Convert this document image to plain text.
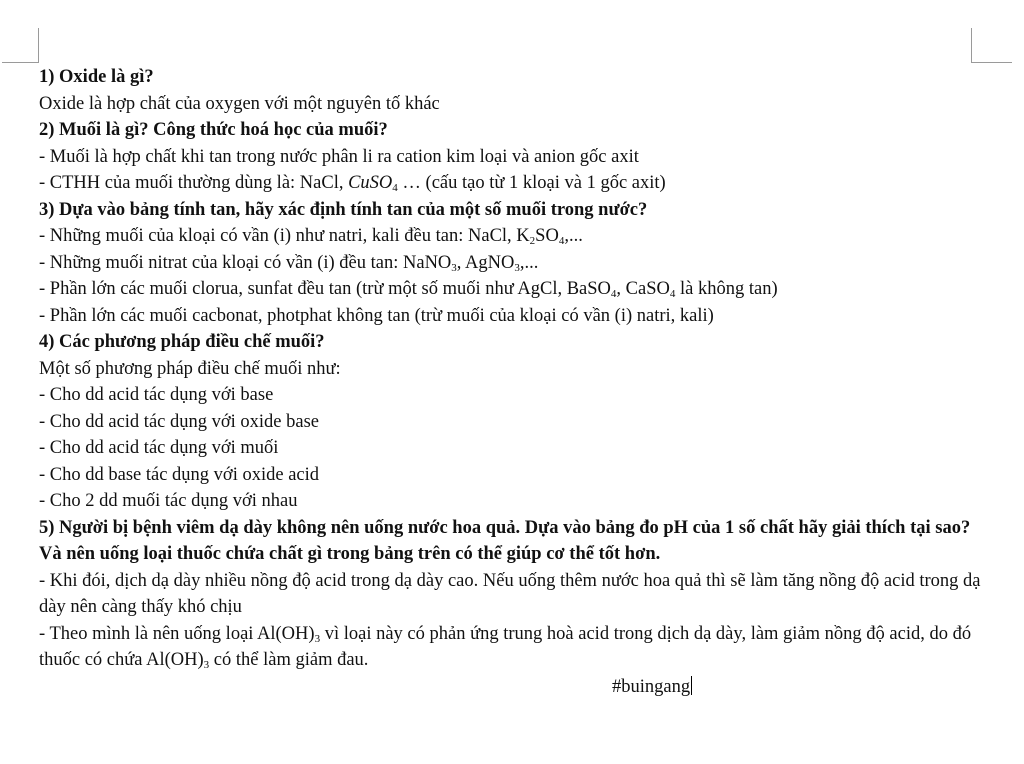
1) Oxide là gì?
Oxide là hợp chất của oxygen với một nguyên tố khác
2) Muối là gì? Công thức hoá học của muối?
- Muối là hợp chất khi tan trong nước phân li ra cation kim loại và anion gốc axit
- CTHH của muối thường dùng là: NaCl, CuSO$_4$ … (cấu tạo từ 1 kloại và 1 gốc axit)
3) Dựa vào bảng tính tan, hãy xác định tính tan của một số muối trong nước?
- Những muối của kloại có vần (i) như natri, kali đều tan: NaCl, $K_2SO_4$,...
- Những muối nitrat của kloại có vần (i) đều tan: NaNO$_3$, AgNO$_3$,...
- Phần lớn các muối clorua, sunfat đều tan (trừ một số muối như AgCl, BaSO$_4$, CaSO$_4$ là không tan)
- Phần lớn các muối cacbonat, photphat không tan (trừ muối của kloại có vần (i) natri, kali)
4) Các phương pháp điều chế muối?
Một số phương pháp điều chế muối như:
- Cho dd acid tác dụng với base
- Cho dd acid tác dụng với oxide base
- Cho dd acid tác dụng với muối
- Cho dd base tác dụng với oxide acid
- Cho 2 dd muối tác dụng với nhau
5) Người bị bệnh viêm dạ dày không nên uống nước hoa quả. Dựa vào bảng đo pH của 1 số chất hãy giải thích tại sao? Và nên uống loại thuốc chứa chất gì trong bảng trên có thể giúp cơ thể tốt hơn.
- Khi đói, dịch dạ dày nhiều nồng độ acid trong dạ dày cao. Nếu uống thêm nước hoa quả thì sẽ làm tăng nồng độ acid trong dạ dày nên càng thấy khó chịu
- Theo mình là nên uống loại $Al(OH)_3$ vì loại này có phản ứng trung hoà acid trong dịch dạ dày, làm giảm nồng độ acid, do đó thuốc có chứa $Al(OH)_3$ có thể làm giảm đau.
#buingang
